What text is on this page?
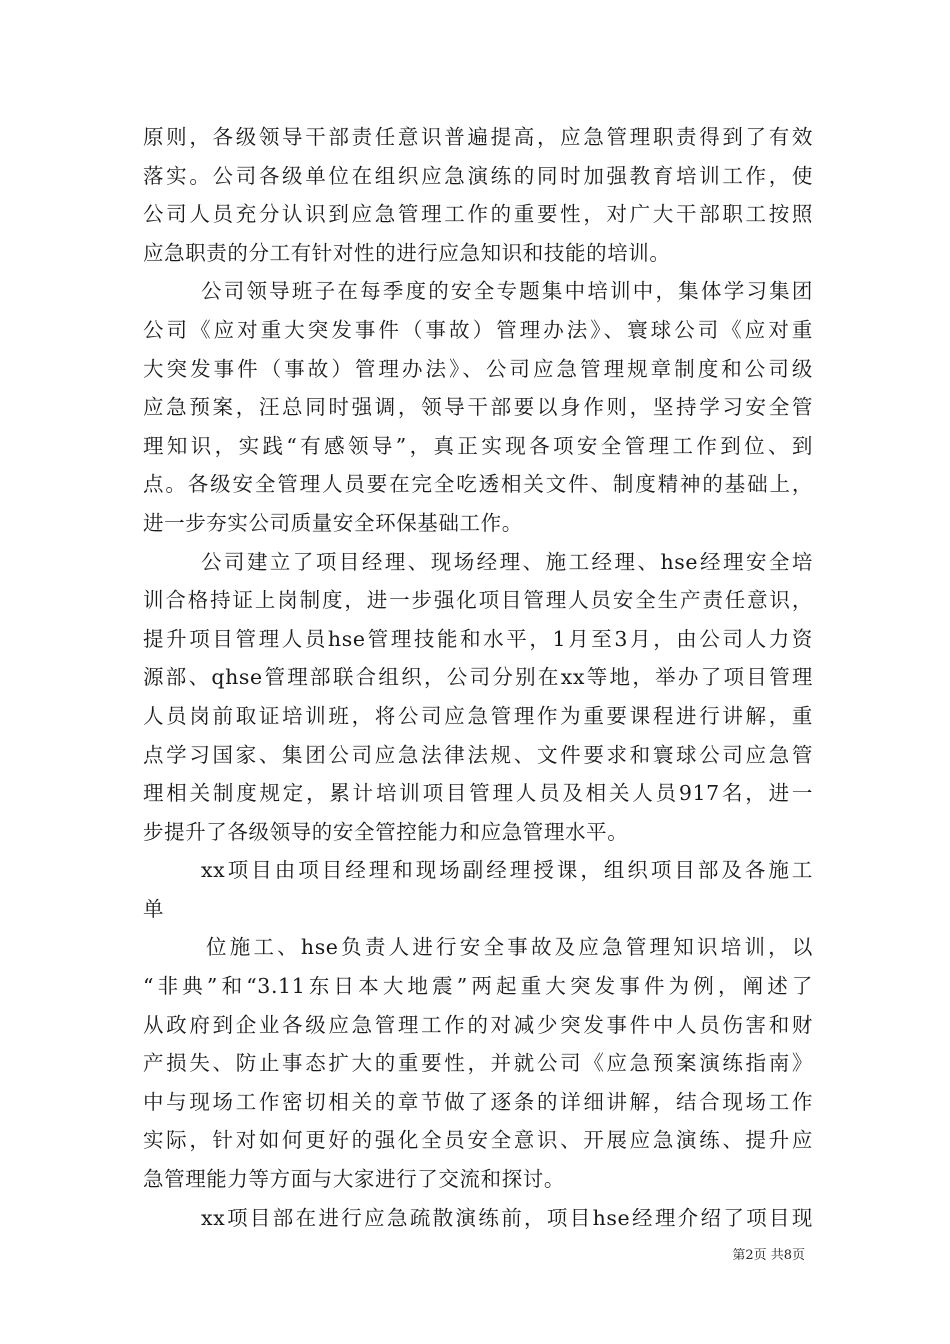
原则，各级领导干部责任意识普遍提高，应急管理职责得到了有效
落实。公司各级单位在组织应急演练的同时加强教育培训工作，使
公司人员充分认识到应急管理工作的重要性，对广大干部职工按照
应急职责的分工有针对性的进行应急知识和技能的培训。
公司领导班子在每季度的安全专题集中培训中，集体学习集团
公司《应对重大突发事件（事故）管理办法》、寰球公司《应对重
大突发事件（事故）管理办法》、公司应急管理规章制度和公司级
应急预案，汪总同时强调，领导干部要以身作则，坚持学习安全管
理知识，实践“有感领导”，真正实现各项安全管理工作到位、到
点。各级安全管理人员要在完全吃透相关文件、制度精神的基础上，
进一步夯实公司质量安全环保基础工作。
公司建立了项目经理、现场经理、施工经理、hse经理安全培
训合格持证上岗制度，进一步强化项目管理人员安全生产责任意识，
提升项目管理人员hse管理技能和水平，1月至3月，由公司人力资
源部、qhse管理部联合组织，公司分别在xx等地，举办了项目管理
人员岗前取证培训班，将公司应急管理作为重要课程进行讲解，重
点学习国家、集团公司应急法律法规、文件要求和寰球公司应急管
理相关制度规定，累计培训项目管理人员及相关人员917名，进一
步提升了各级领导的安全管控能力和应急管理水平。
xx项目由项目经理和现场副经理授课，组织项目部及各施工
单
位施工、hse负责人进行安全事故及应急管理知识培训，以
“非典”和“3.11东日本大地震”两起重大突发事件为例，阐述了
从政府到企业各级应急管理工作的对减少突发事件中人员伤害和财
产损失、防止事态扩大的重要性，并就公司《应急预案演练指南》
中与现场工作密切相关的章节做了逐条的详细讲解，结合现场工作
实际，针对如何更好的强化全员安全意识、开展应急演练、提升应
急管理能力等方面与大家进行了交流和探讨。
xx项目部在进行应急疏散演练前，项目hse经理介绍了项目现
第2页 共8页
